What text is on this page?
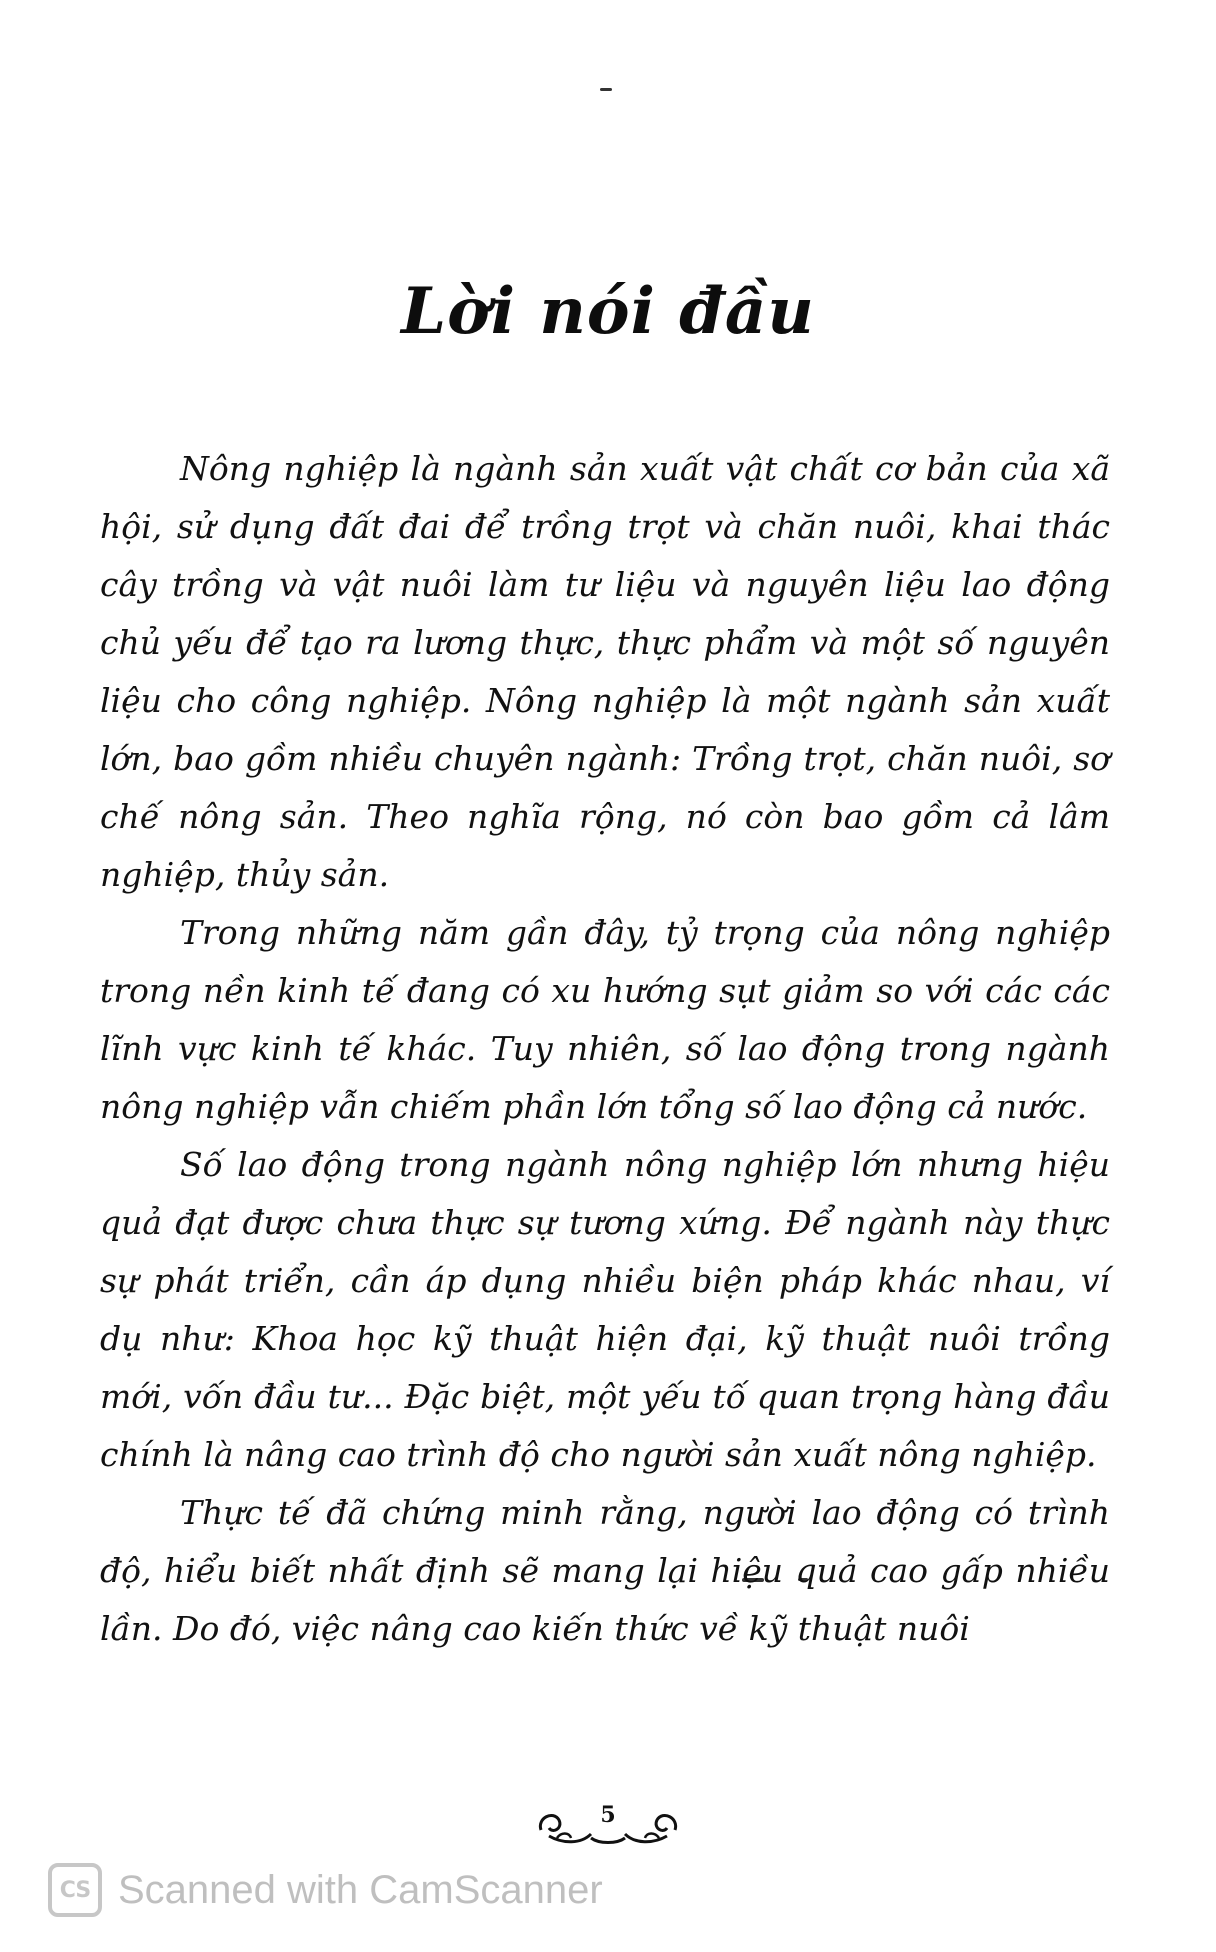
Lời nói đầu

Nông nghiệp là ngành sản xuất vật chất cơ bản của xã hội, sử dụng đất đai để trồng trọt và chăn nuôi, khai thác cây trồng và vật nuôi làm tư liệu và nguyên liệu lao động chủ yếu để tạo ra lương thực, thực phẩm và một số nguyên liệu cho công nghiệp. Nông nghiệp là một ngành sản xuất lớn, bao gồm nhiều chuyên ngành: Trồng trọt, chăn nuôi, sơ chế nông sản. Theo nghĩa rộng, nó còn bao gồm cả lâm nghiệp, thủy sản.

Trong những năm gần đây, tỷ trọng của nông nghiệp trong nền kinh tế đang có xu hướng sụt giảm so với các các lĩnh vực kinh tế khác. Tuy nhiên, số lao động trong ngành nông nghiệp vẫn chiếm phần lớn tổng số lao động cả nước.

Số lao động trong ngành nông nghiệp lớn nhưng hiệu quả đạt được chưa thực sự tương xứng. Để ngành này thực sự phát triển, cần áp dụng nhiều biện pháp khác nhau, ví dụ như: Khoa học kỹ thuật hiện đại, kỹ thuật nuôi trồng mới, vốn đầu tư... Đặc biệt, một yếu tố quan trọng hàng đầu chính là nâng cao trình độ cho người sản xuất nông nghiệp.

Thực tế đã chứng minh rằng, người lao động có trình độ, hiểu biết nhất định sẽ mang lại hiệu quả cao gấp nhiều lần. Do đó, việc nâng cao kiến thức về kỹ thuật nuôi

5
CS Scanned with CamScanner
